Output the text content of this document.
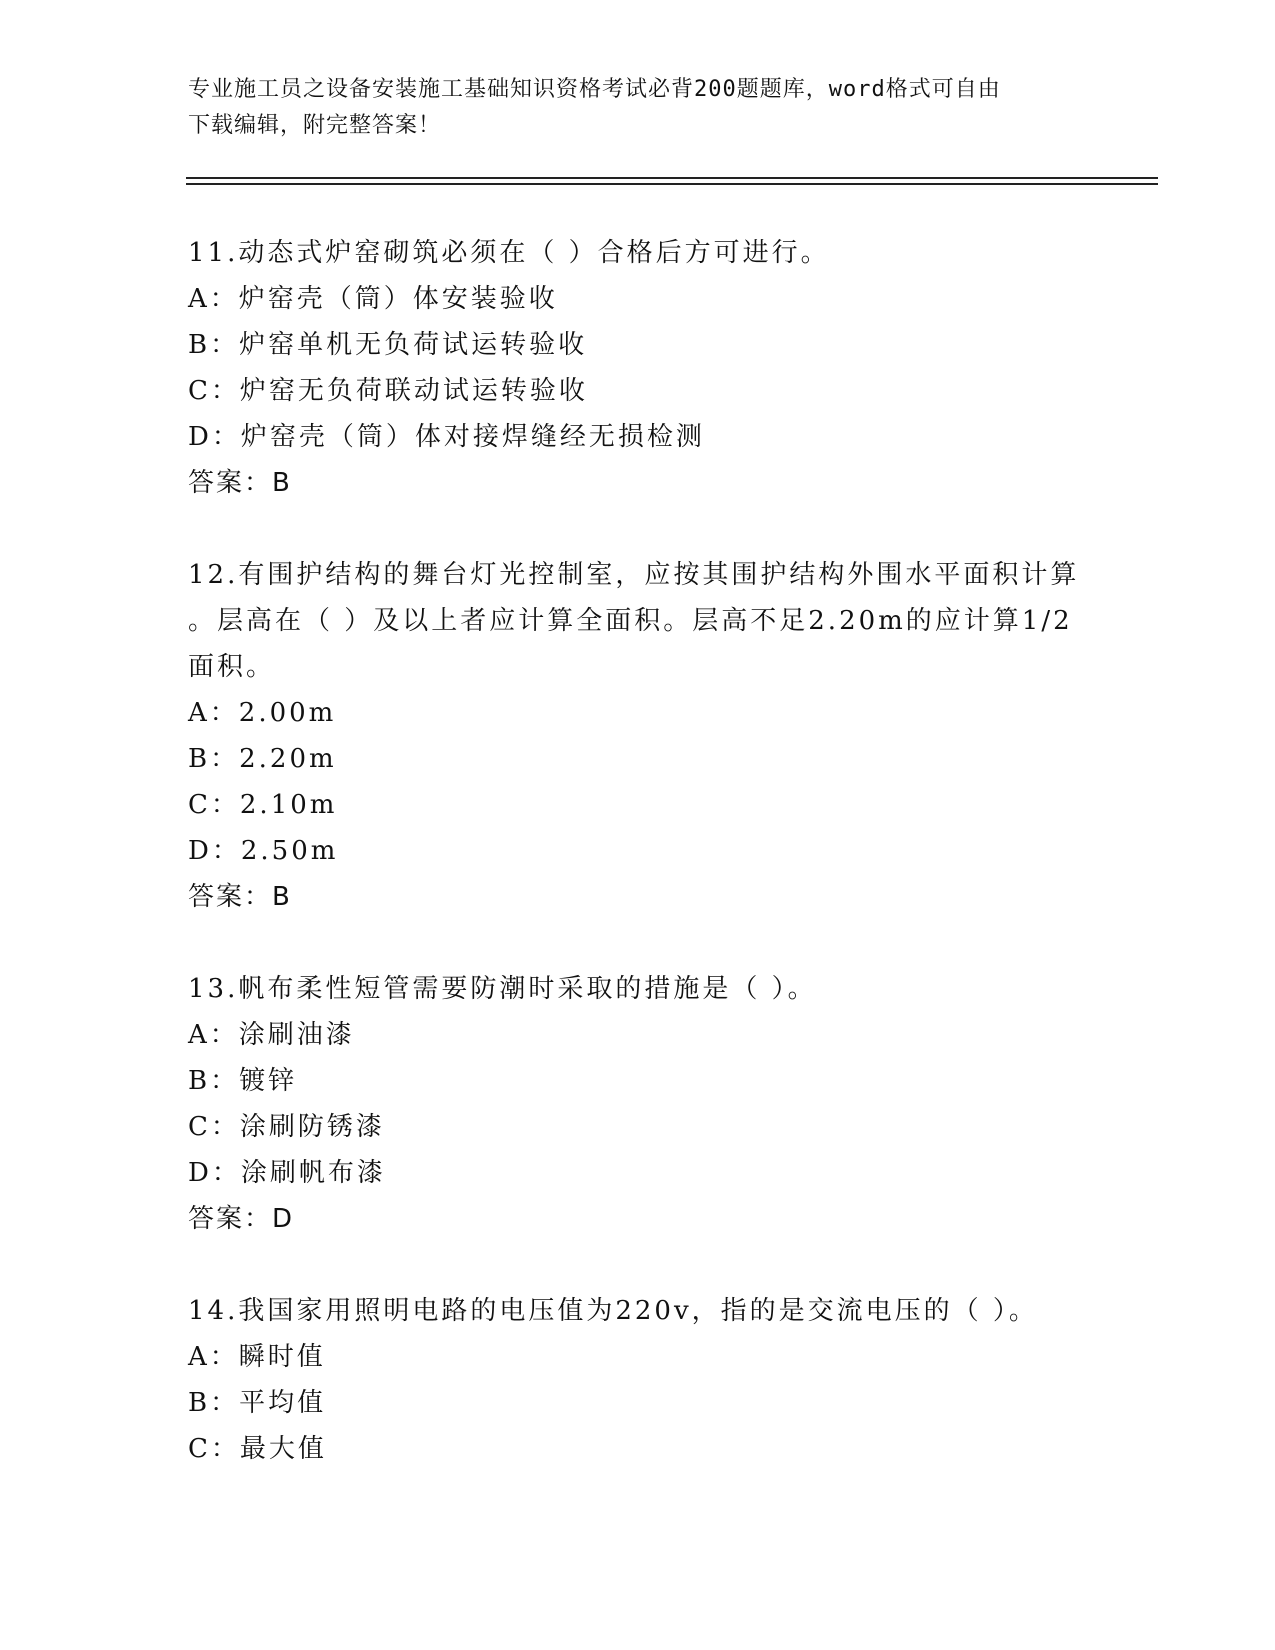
专业施工员之设备安装施工基础知识资格考试必背200题题库，word格式可自由
下载编辑，附完整答案！
11.动态式炉窑砌筑必须在（ ）合格后方可进行。
A：炉窑壳（筒）体安装验收
B：炉窑单机无负荷试运转验收
C：炉窑无负荷联动试运转验收
D：炉窑壳（筒）体对接焊缝经无损检测
答案：B
12.有围护结构的舞台灯光控制室，应按其围护结构外围水平面积计算
。层高在（ ）及以上者应计算全面积。层高不足2.20m的应计算1/2
面积。
A：2.00m
B：2.20m
C：2.10m
D：2.50m
答案：B
13.帆布柔性短管需要防潮时采取的措施是（ ）。
A：涂刷油漆
B：镀锌
C：涂刷防锈漆
D：涂刷帆布漆
答案：D
14.我国家用照明电路的电压值为220v，指的是交流电压的（ ）。
A：瞬时值
B：平均值
C：最大值
